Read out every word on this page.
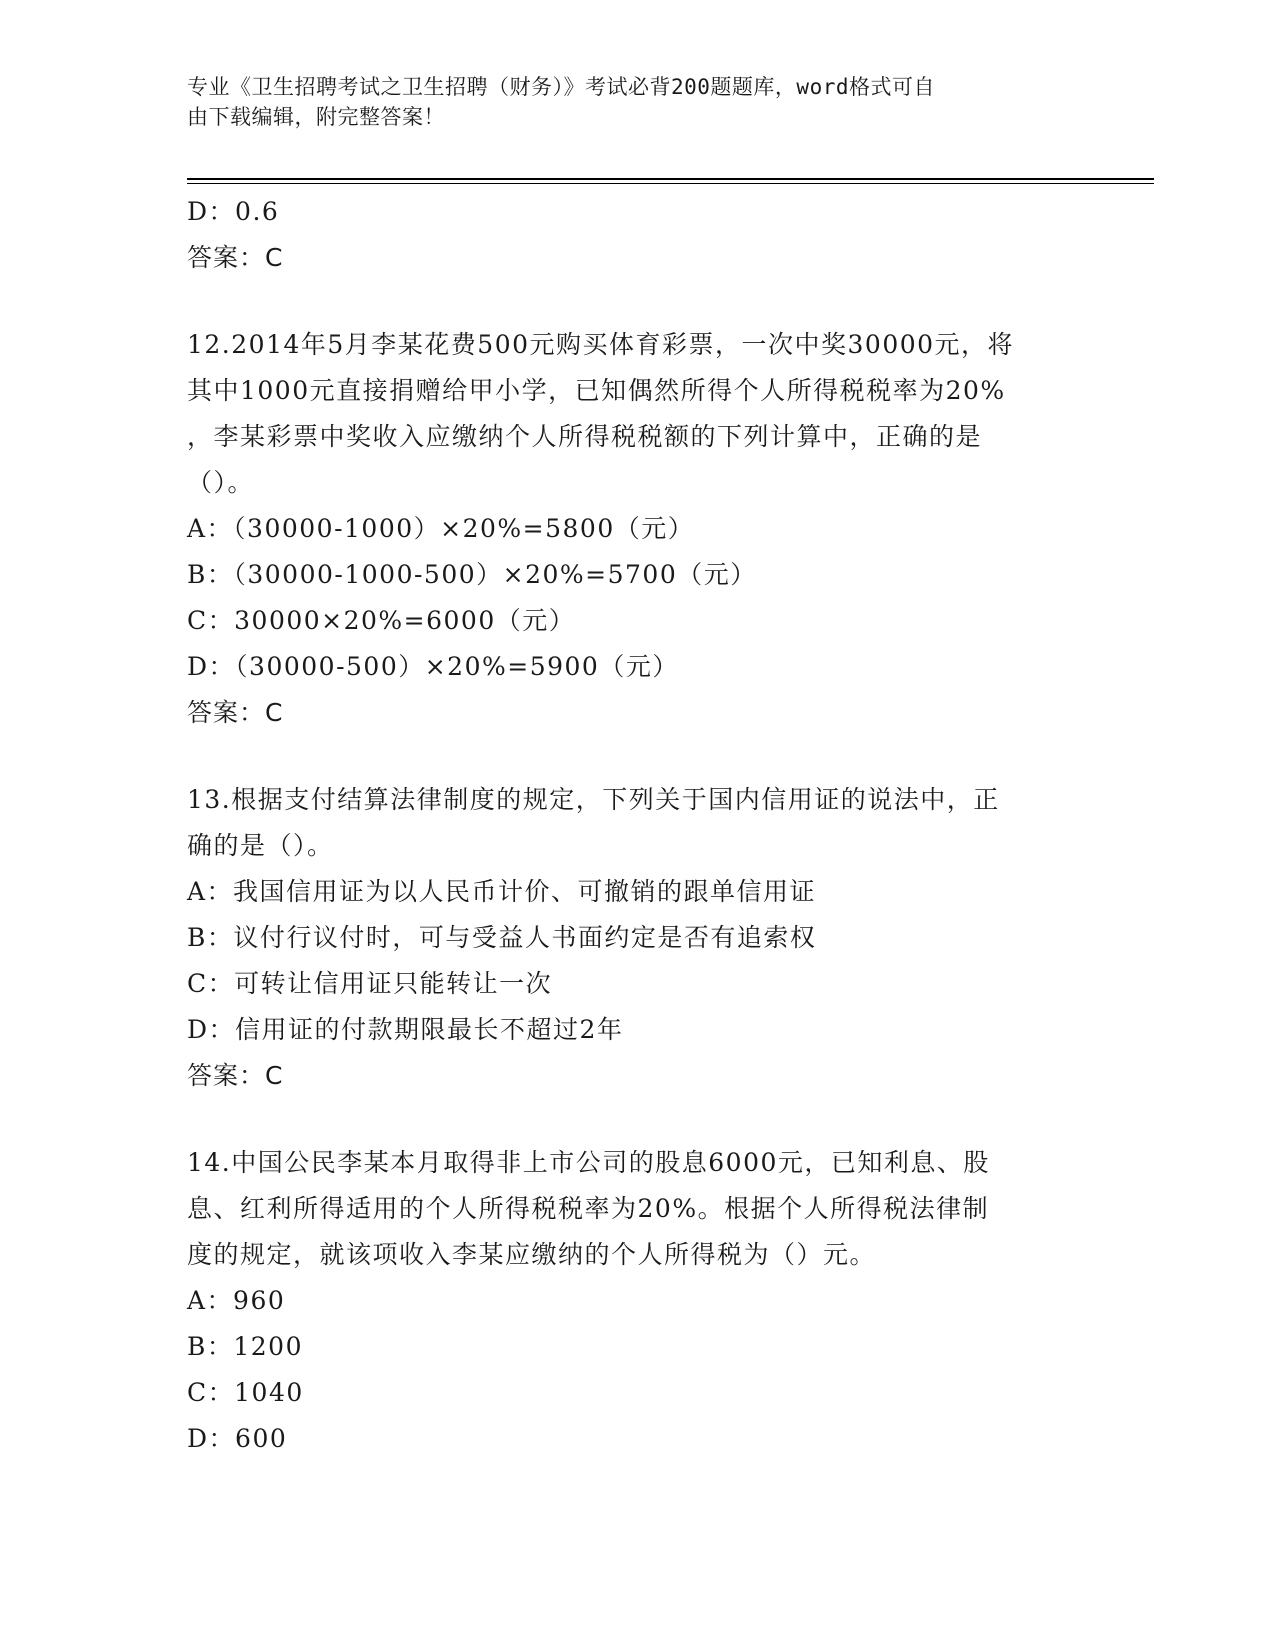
专业《卫生招聘考试之卫生招聘（财务）》考试必背200题题库，word格式可自
由下载编辑，附完整答案！
D：0.6
答案：C
12.2014年5月李某花费500元购买体育彩票，一次中奖30000元，将
其中1000元直接捐赠给甲小学，已知偶然所得个人所得税税率为20%
，李某彩票中奖收入应缴纳个人所得税税额的下列计算中，正确的是
（）。
A：（30000-1000）×20%=5800（元）
B：（30000-1000-500）×20%=5700（元）
C：30000×20%=6000（元）
D：（30000-500）×20%=5900（元）
答案：C
13.根据支付结算法律制度的规定，下列关于国内信用证的说法中，正
确的是（）。
A：我国信用证为以人民币计价、可撤销的跟单信用证
B：议付行议付时，可与受益人书面约定是否有追索权
C：可转让信用证只能转让一次
D：信用证的付款期限最长不超过2年
答案：C
14.中国公民李某本月取得非上市公司的股息6000元，已知利息、股
息、红利所得适用的个人所得税税率为20%。根据个人所得税法律制
度的规定，就该项收入李某应缴纳的个人所得税为（）元。
A：960
B：1200
C：1040
D：600
